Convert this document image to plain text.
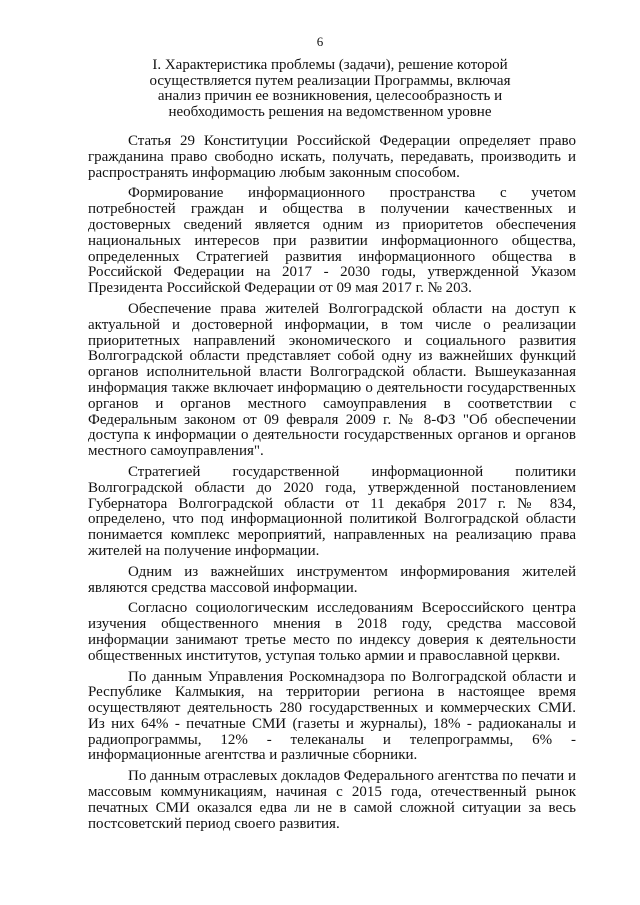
6
I. Характеристика проблемы (задачи), решение которой осуществляется путем реализации Программы, включая анализ причин ее возникновения, целесообразность и необходимость решения на ведомственном уровне

Статья 29 Конституции Российской Федерации определяет право гражданина право свободно искать, получать, передавать, производить и распространять информацию любым законным способом.

Формирование информационного пространства с учетом потребностей граждан и общества в получении качественных и достоверных сведений является одним из приоритетов обеспечения национальных интересов при развитии информационного общества, определенных Стратегией развития информационного общества в Российской Федерации на 2017 - 2030 годы, утвержденной Указом Президента Российской Федерации от 09 мая 2017 г. № 203.

Обеспечение права жителей Волгоградской области на доступ к актуальной и достоверной информации, в том числе о реализации приоритетных направлений экономического и социального развития Волгоградской области представляет собой одну из важнейших функций органов исполнительной власти Волгоградской области. Вышеуказанная информация также включает информацию о деятельности государственных органов и органов местного самоуправления в соответствии с Федеральным законом от 09 февраля 2009 г. № 8-ФЗ "Об обеспечении доступа к информации о деятельности государственных органов и органов местного самоуправления".

Стратегией государственной информационной политики Волгоградской области до 2020 года, утвержденной постановлением Губернатора Волгоградской области от 11 декабря 2017 г. № 834, определено, что под информационной политикой Волгоградской области понимается комплекс мероприятий, направленных на реализацию права жителей на получение информации.

Одним из важнейших инструментом информирования жителей являются средства массовой информации.

Согласно социологическим исследованиям Всероссийского центра изучения общественного мнения в 2018 году, средства массовой информации занимают третье место по индексу доверия к деятельности общественных институтов, уступая только армии и православной церкви.

По данным Управления Роскомнадзора по Волгоградской области и Республике Калмыкия, на территории региона в настоящее время осуществляют деятельность 280 государственных и коммерческих СМИ. Из них 64% - печатные СМИ (газеты и журналы), 18% - радиоканалы и радиопрограммы, 12% - телеканалы и телепрограммы, 6% - информационные агентства и различные сборники.

По данным отраслевых докладов Федерального агентства по печати и массовым коммуникациям, начиная с 2015 года, отечественный рынок печатных СМИ оказался едва ли не в самой сложной ситуации за весь постсоветский период своего развития.
